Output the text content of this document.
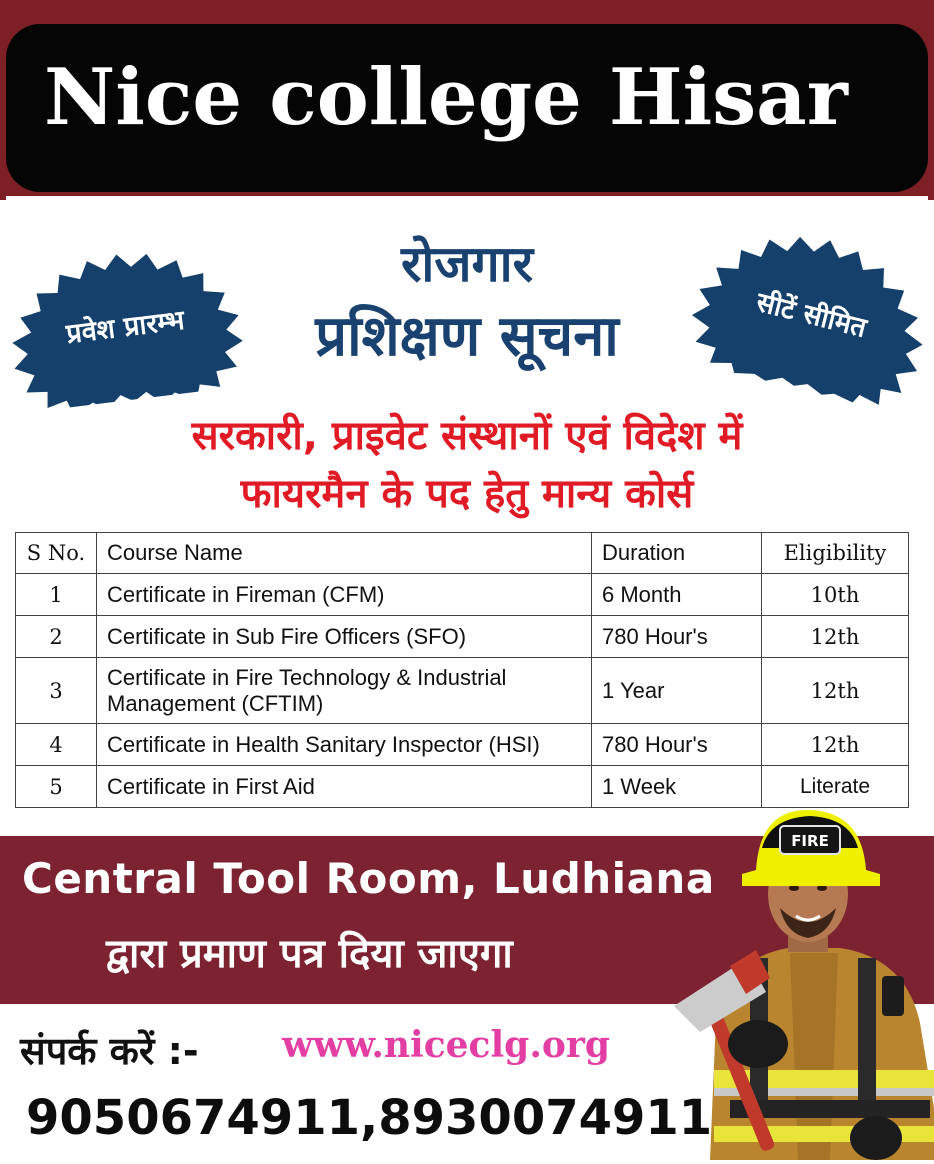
Nice college Hisar
रोजगार
प्रशिक्षण सूचना
प्रवेश प्रारम्भ	सीटें सीमित
सरकारी, प्राइवेट संस्थानों एवं विदेश में
फायरमैन के पद हेतु मान्य कोर्स
S No.	Course Name	Duration	Eligibility
1	Certificate in Fireman (CFM)	6 Month	10th
2	Certificate in Sub Fire Officers (SFO)	780 Hour's	12th
3	Certificate in Fire Technology & Industrial
Management (CFTIM)	1 Year	12th
4	Certificate in Health Sanitary Inspector (HSI)	780 Hour's	12th
5	Certificate in First Aid	1 Week	Literate
Central Tool Room, Ludhiana
द्वारा प्रमाण पत्र दिया जाएगा
संपर्क करें :- www.niceclg.org
9050674911,8930074911
FIRE
